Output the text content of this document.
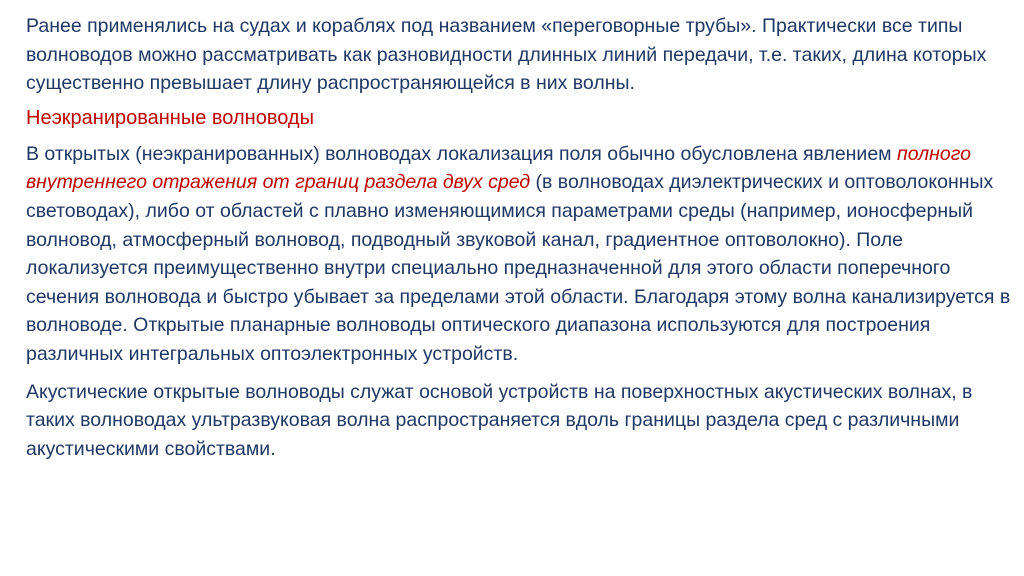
Ранее применялись на судах и кораблях под названием «переговорные трубы». Практически все типы волноводов можно рассматривать как разновидности длинных линий передачи, т.е. таких, длина которых существенно превышает длину распространяющейся в них волны.

Неэкранированные волноводы

В открытых (неэкранированных) волноводах локализация поля обычно обусловлена явлением полного внутреннего отражения от границ раздела двух сред (в волноводах диэлектрических и оптоволоконных световодах), либо от областей с плавно изменяющимися параметрами среды (например, ионосферный волновод, атмосферный волновод, подводный звуковой канал, градиентное оптоволокно). Поле локализуется преимущественно внутри специально предназначенной для этого области поперечного сечения волновода и быстро убывает за пределами этой области. Благодаря этому волна канализируется в волноводе. Открытые планарные волноводы оптического диапазона используются для построения различных интегральных оптоэлектронных устройств.

Акустические открытые волноводы служат основой устройств на поверхностных акустических волнах, в таких волноводах ультразвуковая волна распространяется вдоль границы раздела сред с различными акустическими свойствами.
